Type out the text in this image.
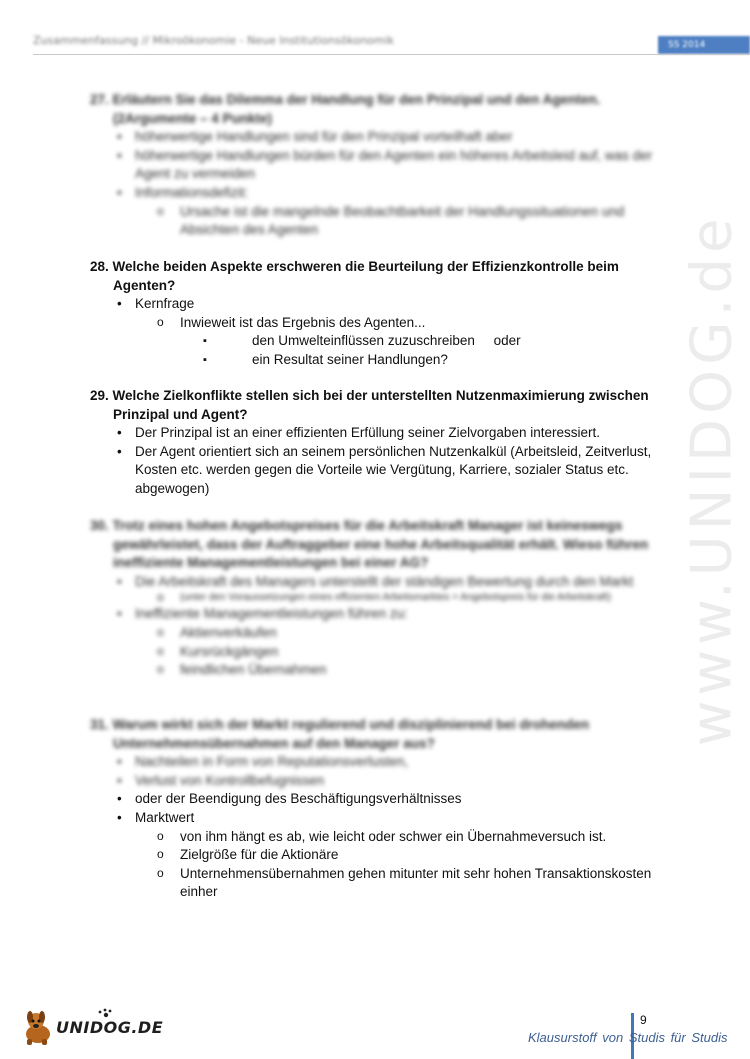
Zusammenfassung // Mikroökonomie - Neue Institutionsökonomik	SS 2014
www.UNIDOG.de

27. Erläutern Sie das Dilemma der Handlung für den Prinzipal und den Agenten. (2Argumente – 4 Punkte)

• höherwertige Handlungen sind für den Prinzipal vorteilhaft aber

• höherwertige Handlungen bürden für den Agenten ein höheres Arbeitsleid auf, was der Agent zu vermeiden

• Informationsdefizit:

o Ursache ist die mangelnde Beobachtbarkeit der Handlungssituationen und Absichten des Agenten

28. Welche beiden Aspekte erschweren die Beurteilung der Effizienzkontrolle beim Agenten?

• Kernfrage

o Inwieweit ist das Ergebnis des Agenten...

▪ den Umwelteinflüssen zuzuschreiben     oder

▪ ein Resultat seiner Handlungen?

29. Welche Zielkonflikte stellen sich bei der unterstellten Nutzenmaximierung zwischen Prinzipal und Agent?

• Der Prinzipal ist an einer effizienten Erfüllung seiner Zielvorgaben interessiert.

• Der Agent orientiert sich an seinem persönlichen Nutzenkalkül (Arbeitsleid, Zeitverlust, Kosten etc. werden gegen die Vorteile wie Vergütung, Karriere, sozialer Status etc. abgewogen)

30. Trotz eines hohen Angebotspreises für die Arbeitskraft Manager ist keineswegs gewährleistet, dass der Auftraggeber eine hohe Arbeitsqualität erhält. Wieso führen ineffiziente Managementleistungen bei einer AG?

• Die Arbeitskraft des Managers unterstellt der ständigen Bewertung durch den Markt

o (unter den Voraussetzungen eines effizienten Arbeitsmarktes = Angebotspreis für die Arbeitskraft)

• Ineffiziente Managementleistungen führen zu:

o Aktienverkäufen

o Kursrückgängen

o feindlichen Übernahmen

31. Warum wirkt sich der Markt regulierend und disziplinierend bei drohenden Unternehmensübernahmen auf den Manager aus?

• Nachteilen in Form von Reputationsverlusten,

• Verlust von Kontrollbefugnissen

• oder der Beendigung des Beschäftigungsverhältnisses

• Marktwert

o von ihm hängt es ab, wie leicht oder schwer ein Übernahmeversuch ist.

o Zielgröße für die Aktionäre

o Unternehmensübernahmen gehen mitunter mit sehr hohen Transaktionskosten einher

UNIDOG.DE	9
Klausurstoff von Studis für Studis
